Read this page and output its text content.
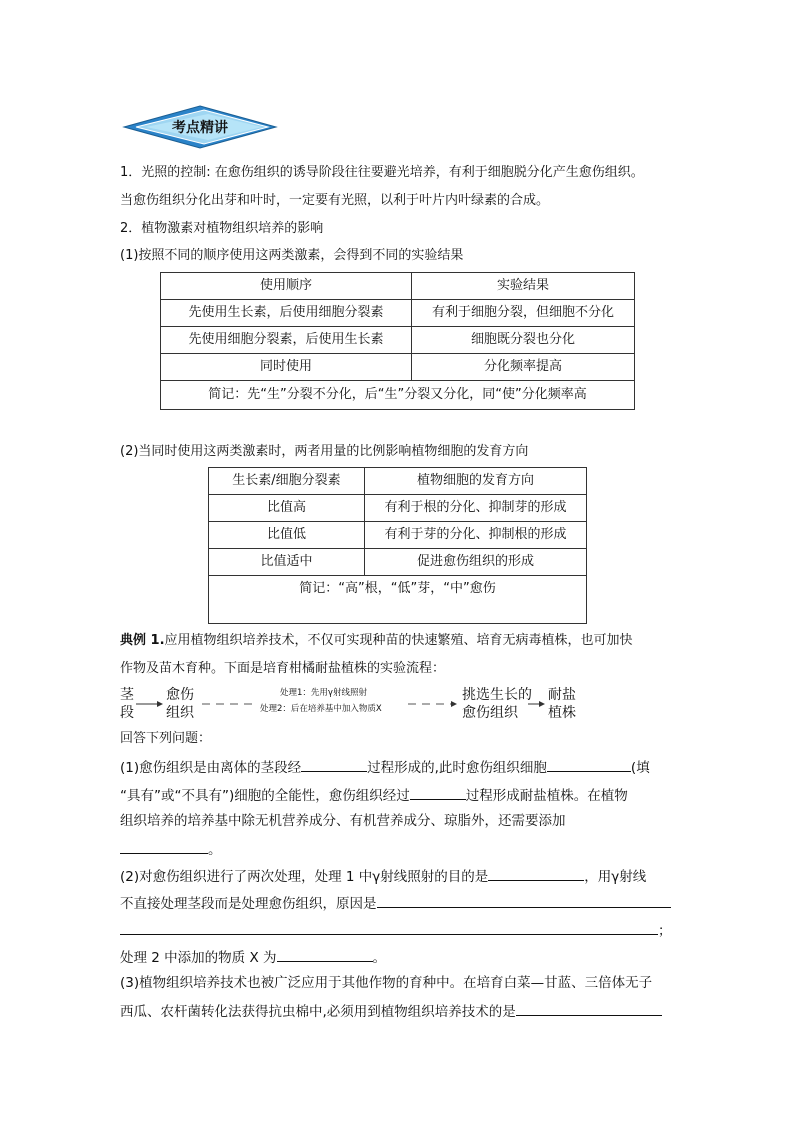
考点精讲
1．光照的控制: 在愈伤组织的诱导阶段往往要避光培养，有利于细胞脱分化产生愈伤组织。
当愈伤组织分化出芽和叶时，一定要有光照，以利于叶片内叶绿素的合成。
2．植物激素对植物组织培养的影响
(1)按照不同的顺序使用这两类激素，会得到不同的实验结果
使用顺序	实验结果
先使用生长素，后使用细胞分裂素	有利于细胞分裂，但细胞不分化
先使用细胞分裂素，后使用生长素	细胞既分裂也分化
同时使用	分化频率提高
简记：先“生”分裂不分化，后“生”分裂又分化，同“使”分化频率高	
(2)当同时使用这两类激素时，两者用量的比例影响植物细胞的发育方向
生长素/细胞分裂素	植物细胞的发育方向
比值高	有利于根的分化、抑制芽的形成
比值低	有利于芽的分化、抑制根的形成
比值适中	促进愈伤组织的形成
简记：“高”根，“低”芽，“中”愈伤	
典例 1.应用植物组织培养技术，不仅可实现种苗的快速繁殖、培育无病毒植株，也可加快
作物及苗木育种。下面是培育柑橘耐盐植株的实验流程：
茎
段
愈伤
组织
处理1：先用γ射线照射
处理2：后在培养基中加入物质X
挑选生长的
愈伤组织
耐盐
植株
回答下列问题：
(1)愈伤组织是由离体的茎段经	过程形成的,此时愈伤组织细胞	(填
“具有”或“不具有”)细胞的全能性，愈伤组织经过	过程形成耐盐植株。在植物
组织培养的培养基中除无机营养成分、有机营养成分、琼脂外，还需要添加
。
(2)对愈伤组织进行了两次处理，处理 1 中γ射线照射的目的是	，用γ射线
不直接处理茎段而是处理愈伤组织，原因是
；
处理 2 中添加的物质 X 为	。
(3)植物组织培养技术也被广泛应用于其他作物的育种中。在培育白菜—甘蓝、三倍体无子
西瓜、农杆菌转化法获得抗虫棉中,必须用到植物组织培养技术的是
